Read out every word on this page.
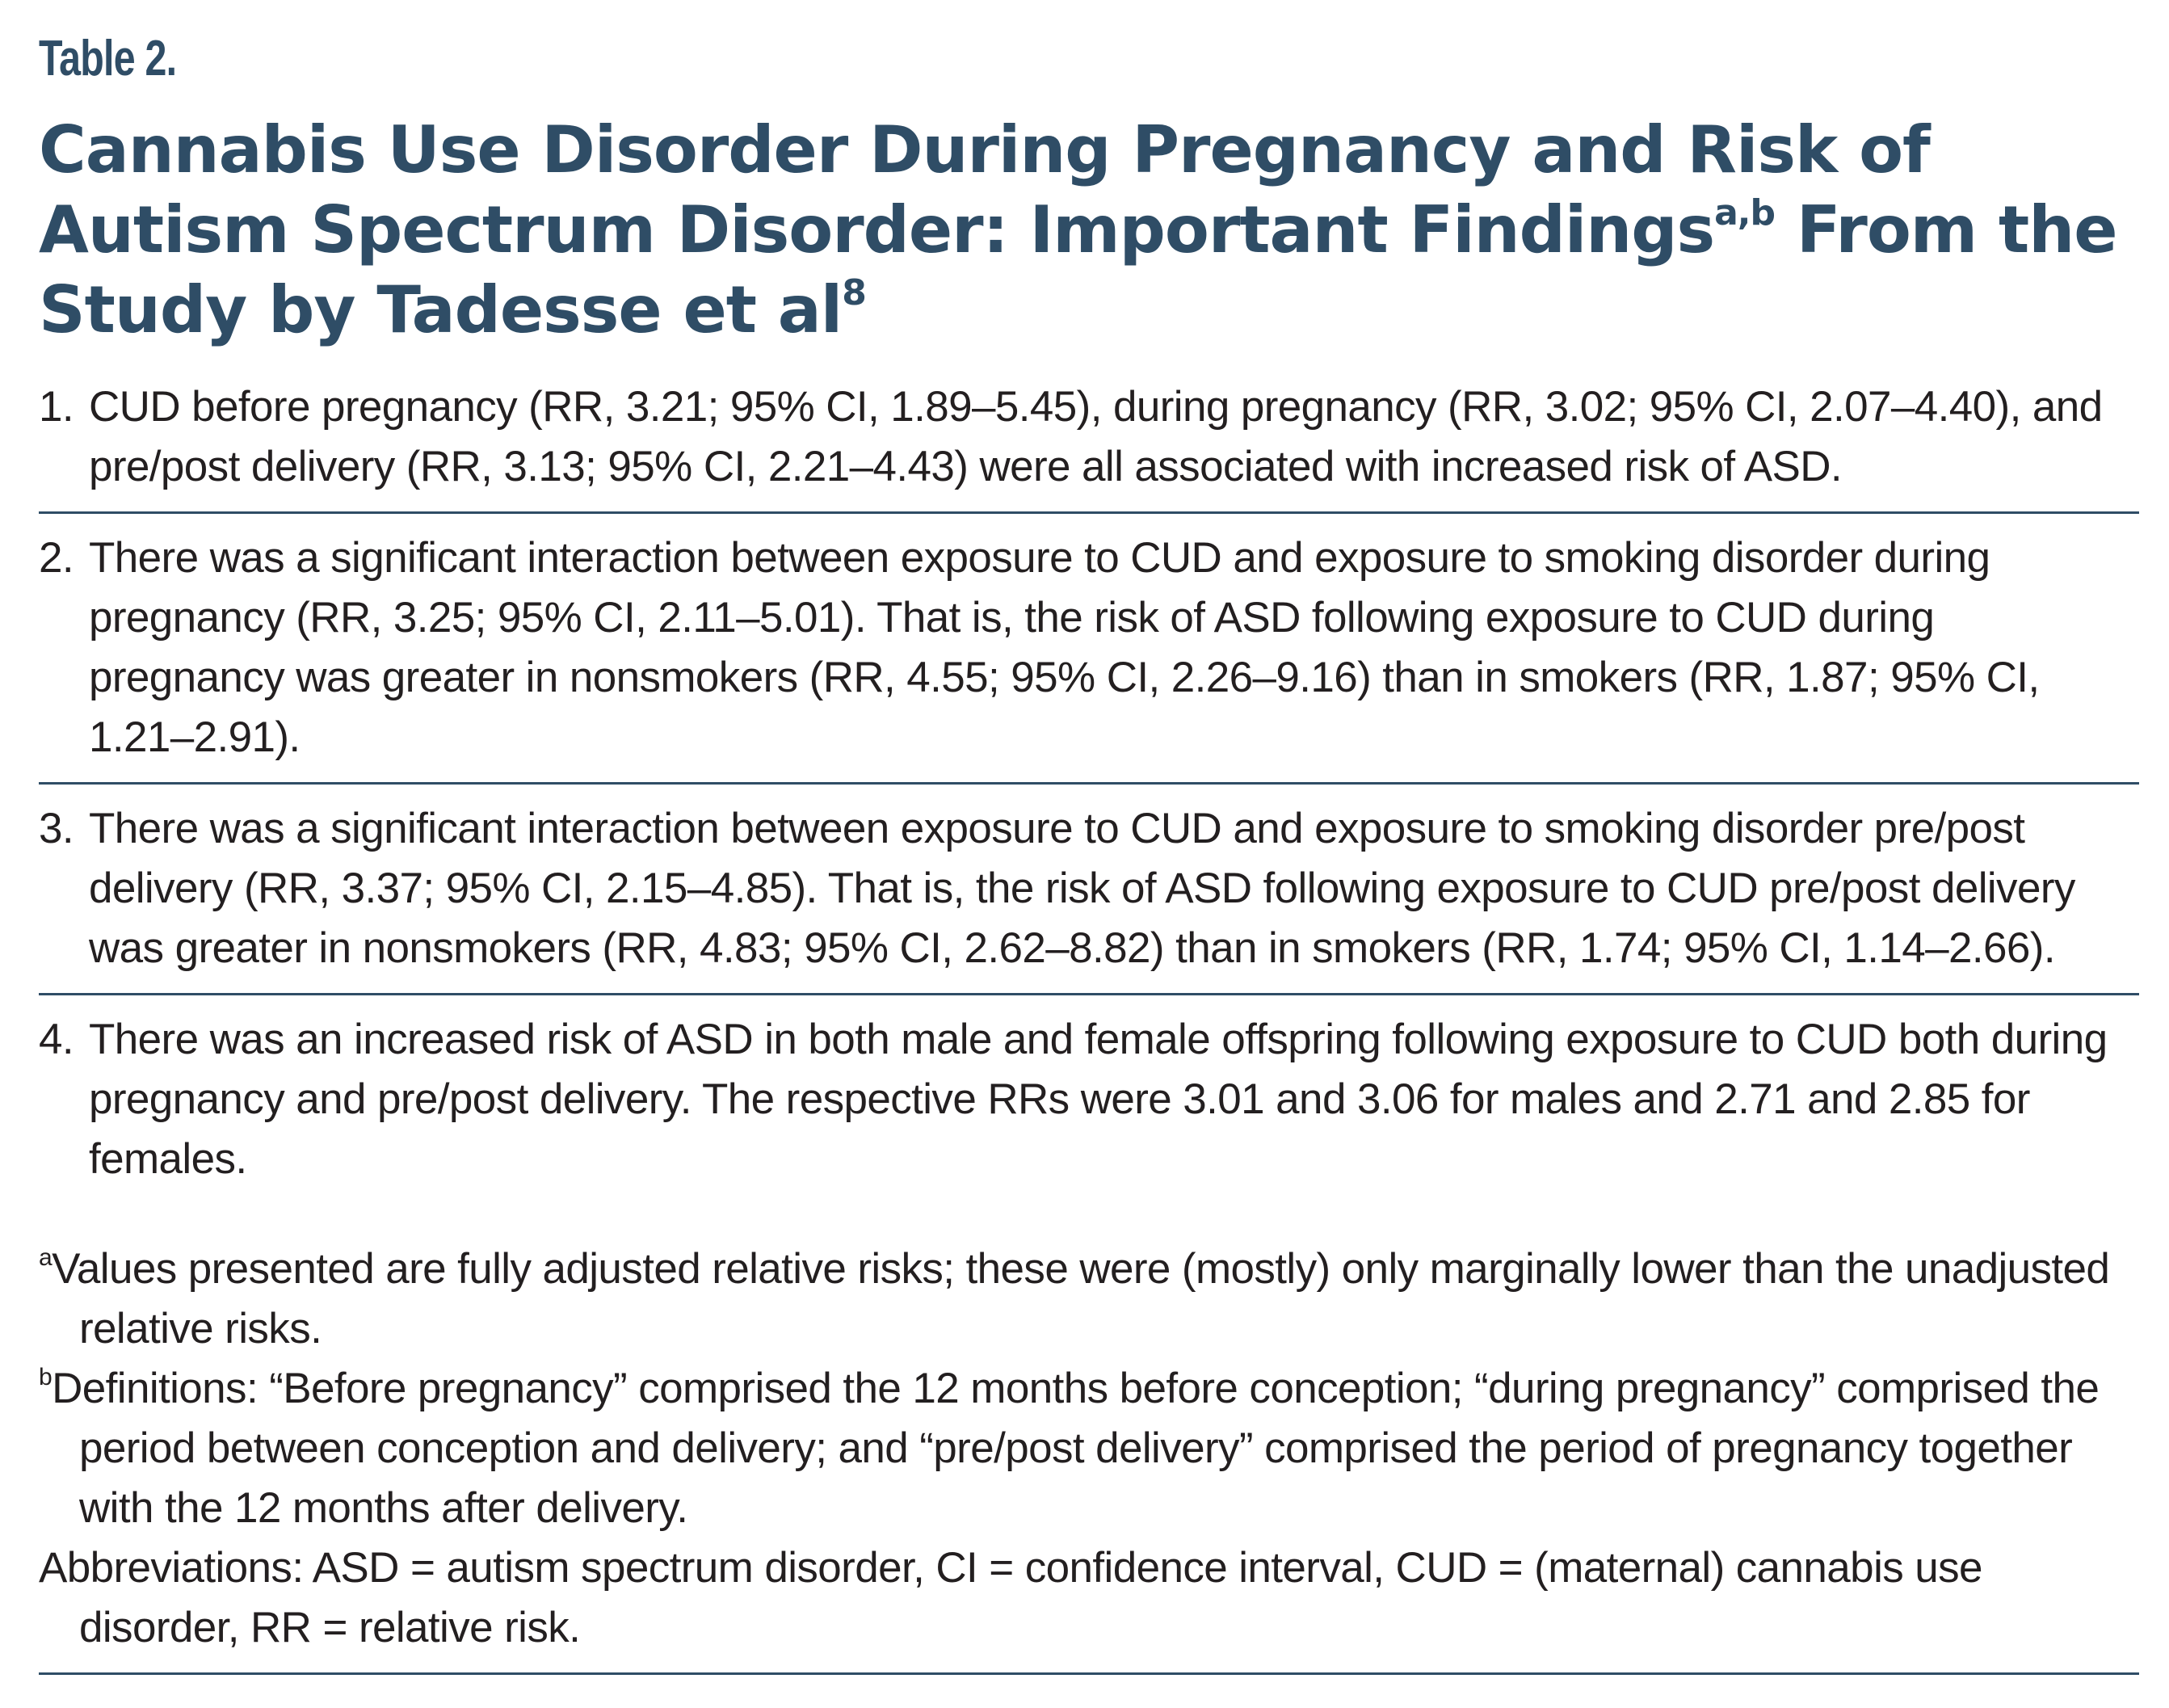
Table 2.
Cannabis Use Disorder During Pregnancy and Risk of Autism Spectrum Disorder: Important Findings$^{a,b}$ From the Study by Tadesse et $al^8$
1. CUD before pregnancy (RR, 3.21; 95% CI, 1.89–5.45), during pregnancy (RR, 3.02; 95% CI, 2.07–4.40), and pre/post delivery (RR, 3.13; 95% CI, 2.21–4.43) were all associated with increased risk of ASD.
2. There was a significant interaction between exposure to CUD and exposure to smoking disorder during pregnancy (RR, 3.25; 95% CI, 2.11–5.01). That is, the risk of ASD following exposure to CUD during pregnancy was greater in nonsmokers (RR, 4.55; 95% CI, 2.26–9.16) than in smokers (RR, 1.87; 95% CI, 1.21–2.91).
3. There was a significant interaction between exposure to CUD and exposure to smoking disorder pre/post delivery (RR, 3.37; 95% CI, 2.15–4.85). That is, the risk of ASD following exposure to CUD pre/post delivery was greater in nonsmokers (RR, 4.83; 95% CI, 2.62–8.82) than in smokers (RR, 1.74; 95% CI, 1.14–2.66).
4. There was an increased risk of ASD in both male and female offspring following exposure to CUD both during pregnancy and pre/post delivery. The respective RRs were 3.01 and 3.06 for males and 2.71 and 2.85 for females.
$^a$Values presented are fully adjusted relative risks; these were (mostly) only marginally lower than the unadjusted relative risks.
$^b$Definitions: “Before pregnancy” comprised the 12 months before conception; “during pregnancy” comprised the period between conception and delivery; and “pre/post delivery” comprised the period of pregnancy together with the 12 months after delivery.
Abbreviations: ASD = autism spectrum disorder, CI = confidence interval, CUD = (maternal) cannabis use disorder, RR = relative risk.
